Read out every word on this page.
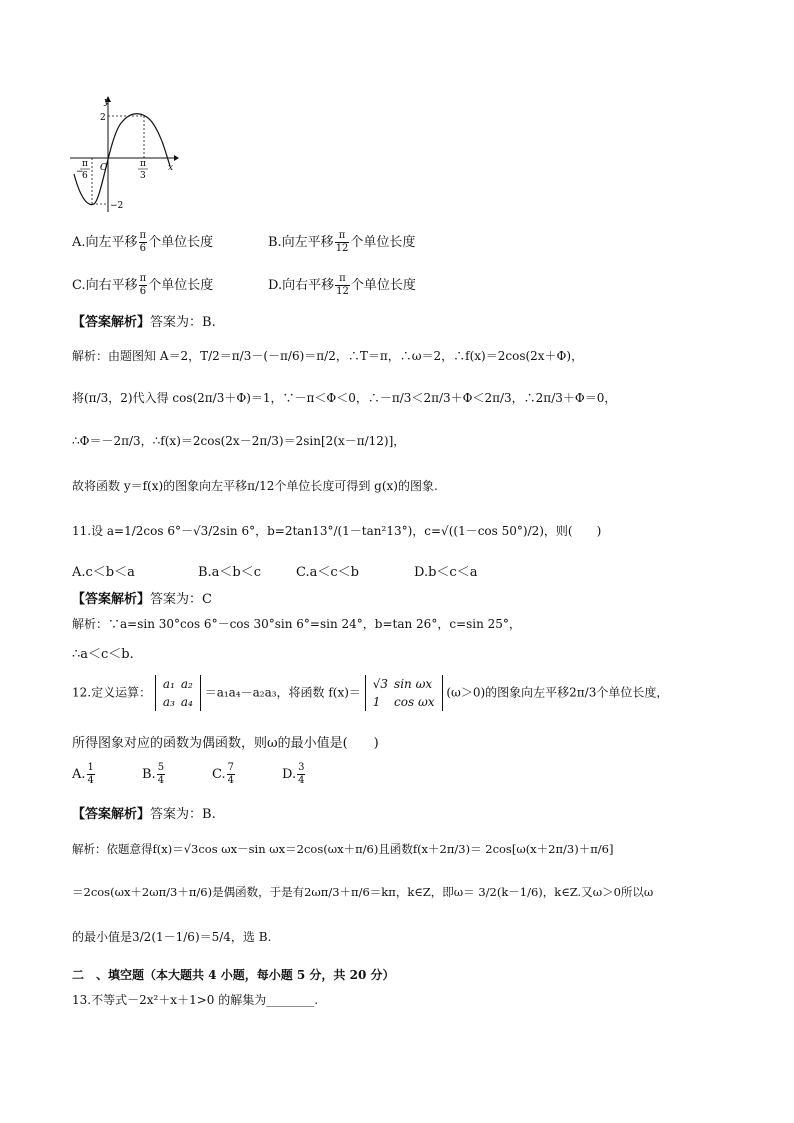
y
x
O
2
−2
−
π
6
π
3
A.向左平移 $\frac{\pi}{6}$ 个单位长度	B.向左平移 $\frac{\pi}{12}$ 个单位长度
C.向右平移 $\frac{\pi}{6}$ 个单位长度	D.向右平移 $\frac{\pi}{12}$ 个单位长度
【答案解析】答案为：B.
解析：由题图知 A＝2，T/2＝π/3－(－π/6)＝π/2，∴T＝π，∴ω＝2，∴f(x)＝2cos(2x＋Φ)，
将(π/3，2)代入得 cos(2π/3＋Φ)＝1，∵－π＜Φ＜0，∴－π/3＜2π/3＋Φ＜2π/3，∴2π/3＋Φ＝0，
∴Φ＝－2π/3，∴f(x)＝2cos(2x－2π/3)＝2sin[2(x－π/12)]，
故将函数 y＝f(x)的图象向左平移π/12个单位长度可得到 g(x)的图象.
11.设 a=1/2cos 6°－√3/2sin 6°，b=2tan13°/(1－tan²13°)，c=√((1－cos 50°)/2)，则(　　)
A.c＜b＜a	B.a＜b＜c	C.a＜c＜b	D.b＜c＜a
【答案解析】答案为：C
解析：∵a=sin 30°cos 6°－cos 30°sin 6°=sin 24°，b=tan 26°，c=sin 25°，
∴a＜c＜b.
12.定义运算： a₁	a₂
a₃	a₄ ＝a₁a₄－a₂a₃，将函数 f(x)＝ √3	sin ωx
1	cos ωx (ω＞0)的图象向左平移2π/3个单位长度，
所得图象对应的函数为偶函数，则ω的最小值是(　　)
A. $\frac{1}{4}$	B. $\frac{5}{4}$	C. $\frac{7}{4}$	D. $\frac{3}{4}$
【答案解析】答案为：B.
解析：依题意得f(x)＝√3cos ωx－sin ωx＝2cos(ωx＋π/6)且函数f(x＋2π/3)＝ 2cos[ω(x＋2π/3)＋π/6]
＝2cos(ωx＋2ωπ/3＋π/6)是偶函数，于是有2ωπ/3＋π/6＝kπ，k∈Z，即ω＝ 3/2(k－1/6)，k∈Z.又ω＞0所以ω
的最小值是3/2(1－1/6)＝5/4，选 B.
二　、填空题（本大题共 4 小题，每小题 5 分，共 20 分）
13.不等式－2x²＋x＋1>0 的解集为________.
